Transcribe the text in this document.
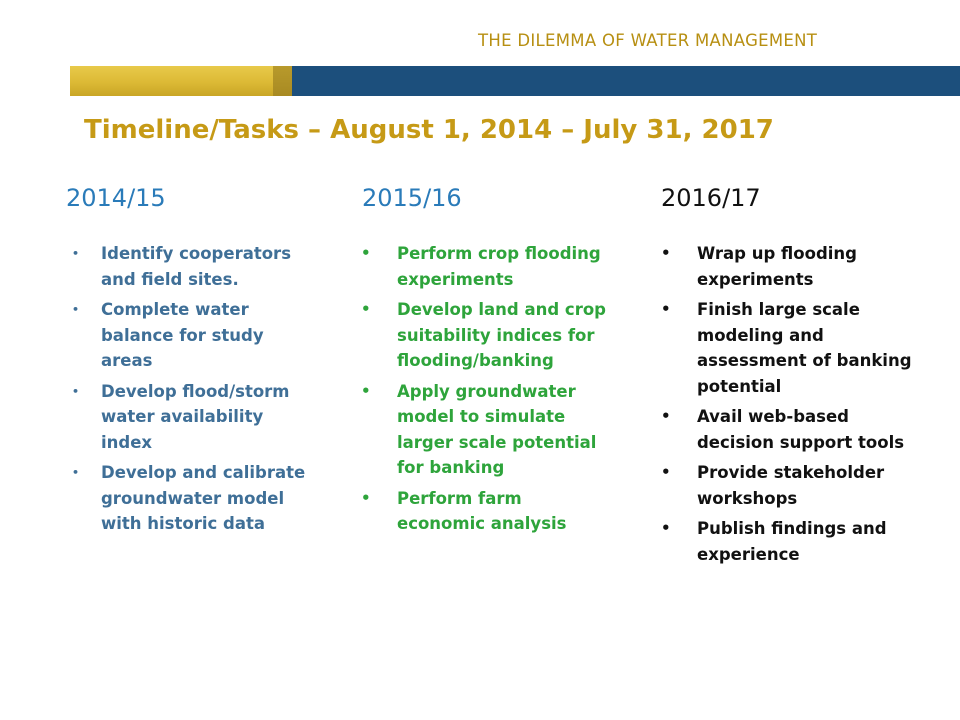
THE DILEMMA OF WATER MANAGEMENT
Timeline/Tasks – August 1, 2014 – July 31, 2017
2014/15
•	Identify cooperators and field sites.
•	Complete water balance for study areas
•	Develop flood/storm water availability index
•	Develop and calibrate groundwater model with historic data
2015/16
• Perform crop flooding experiments
• Develop land and crop suitability indices for flooding/banking
• Apply groundwater model to simulate larger scale potential for banking
• Perform farm economic analysis
2016/17
• Wrap up flooding experiments
• Finish large scale modeling and assessment of banking potential
• Avail web-based decision support tools
• Provide stakeholder workshops
• Publish findings and experience
